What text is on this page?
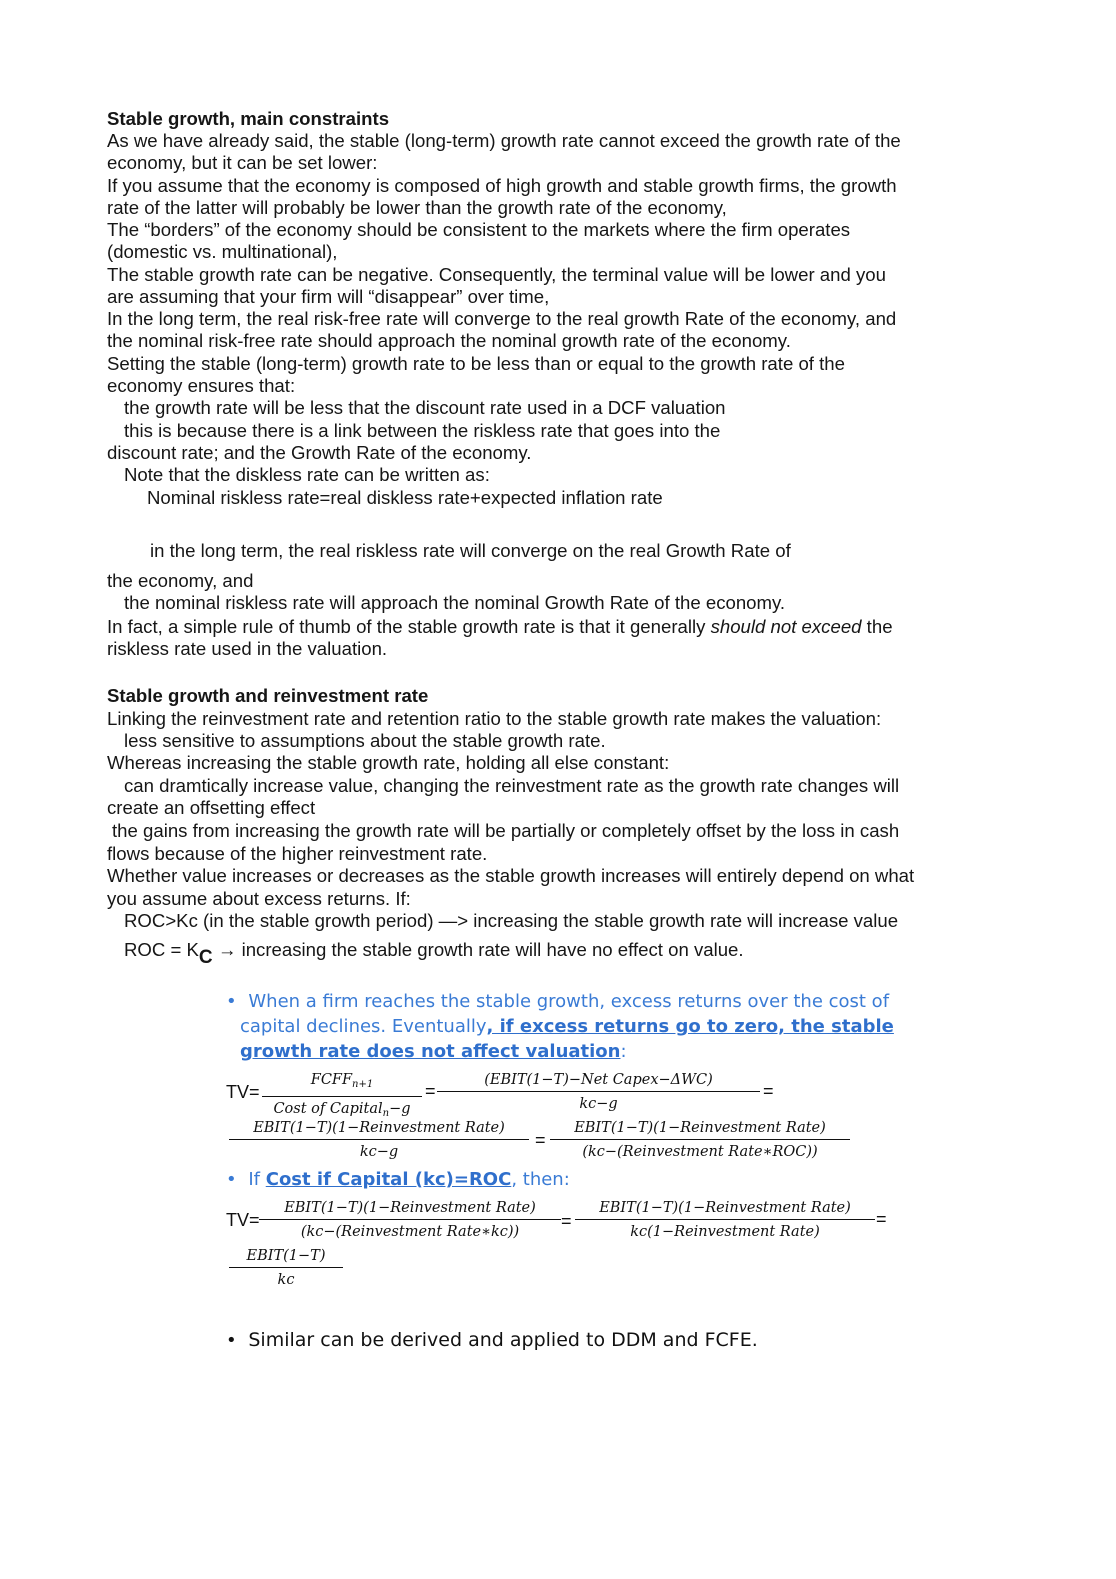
Stable growth, main constraints
As we have already said, the stable (long-term) growth rate cannot exceed the growth rate of the
economy, but it can be set lower:
If you assume that the economy is composed of high growth and stable growth firms, the growth
rate of the latter will probably be lower than the growth rate of the economy,
The “borders” of the economy should be consistent to the markets where the firm operates
(domestic vs. multinational),
The stable growth rate can be negative. Consequently, the terminal value will be lower and you
are assuming that your firm will “disappear” over time,
In the long term, the real risk-free rate will converge to the real growth Rate of the economy, and
the nominal risk-free rate should approach the nominal growth rate of the economy.
Setting the stable (long-term) growth rate to be less than or equal to the growth rate of the
economy ensures that:
the growth rate will be less that the discount rate used in a DCF valuation
this is because there is a link between the riskless rate that goes into the
discount rate; and the Growth Rate of the economy.
Note that the diskless rate can be written as:
Nominal riskless rate=real diskless rate+expected inflation rate
in the long term, the real riskless rate will converge on the real Growth Rate of
the economy, and
the nominal riskless rate will approach the nominal Growth Rate of the economy.
In fact, a simple rule of thumb of the stable growth rate is that it generally should not exceed the
riskless rate used in the valuation.
Stable growth and reinvestment rate
Linking the reinvestment rate and retention ratio to the stable growth rate makes the valuation:
less sensitive to assumptions about the stable growth rate.
Whereas increasing the stable growth rate, holding all else constant:
can dramtically increase value, changing the reinvestment rate as the growth rate changes will
create an offsetting effect
the gains from increasing the growth rate will be partially or completely offset by the loss in cash
flows because of the higher reinvestment rate.
Whether value increases or decreases as the stable growth increases will entirely depend on what
you assume about excess returns. If:
ROC>Kc (in the stable growth period) —> increasing the stable growth rate will increase value
ROC = KC → increasing the stable growth rate will have no effect on value.
• When a firm reaches the stable growth, excess returns over the cost of
capital declines. Eventually, if excess returns go to zero, the stable
growth rate does not affect valuation:
TV=
$FCFF_{n+1}$
Cost of Capital$_n$−g
=
(EBIT(1−T)−Net Capex−ΔWC)
kc−g
=
EBIT(1−T)(1−Reinvestment Rate)
kc−g
=
EBIT(1−T)(1−Reinvestment Rate)
(kc−(Reinvestment Rate∗ROC))
• If Cost if Capital (kc)=ROC, then:
TV=
EBIT(1−T)(1−Reinvestment Rate)
(kc−(Reinvestment Rate∗kc))
=
EBIT(1−T)(1−Reinvestment Rate)
kc(1−Reinvestment Rate)
=
EBIT(1−T)
kc
• Similar can be derived and applied to DDM and FCFE.
